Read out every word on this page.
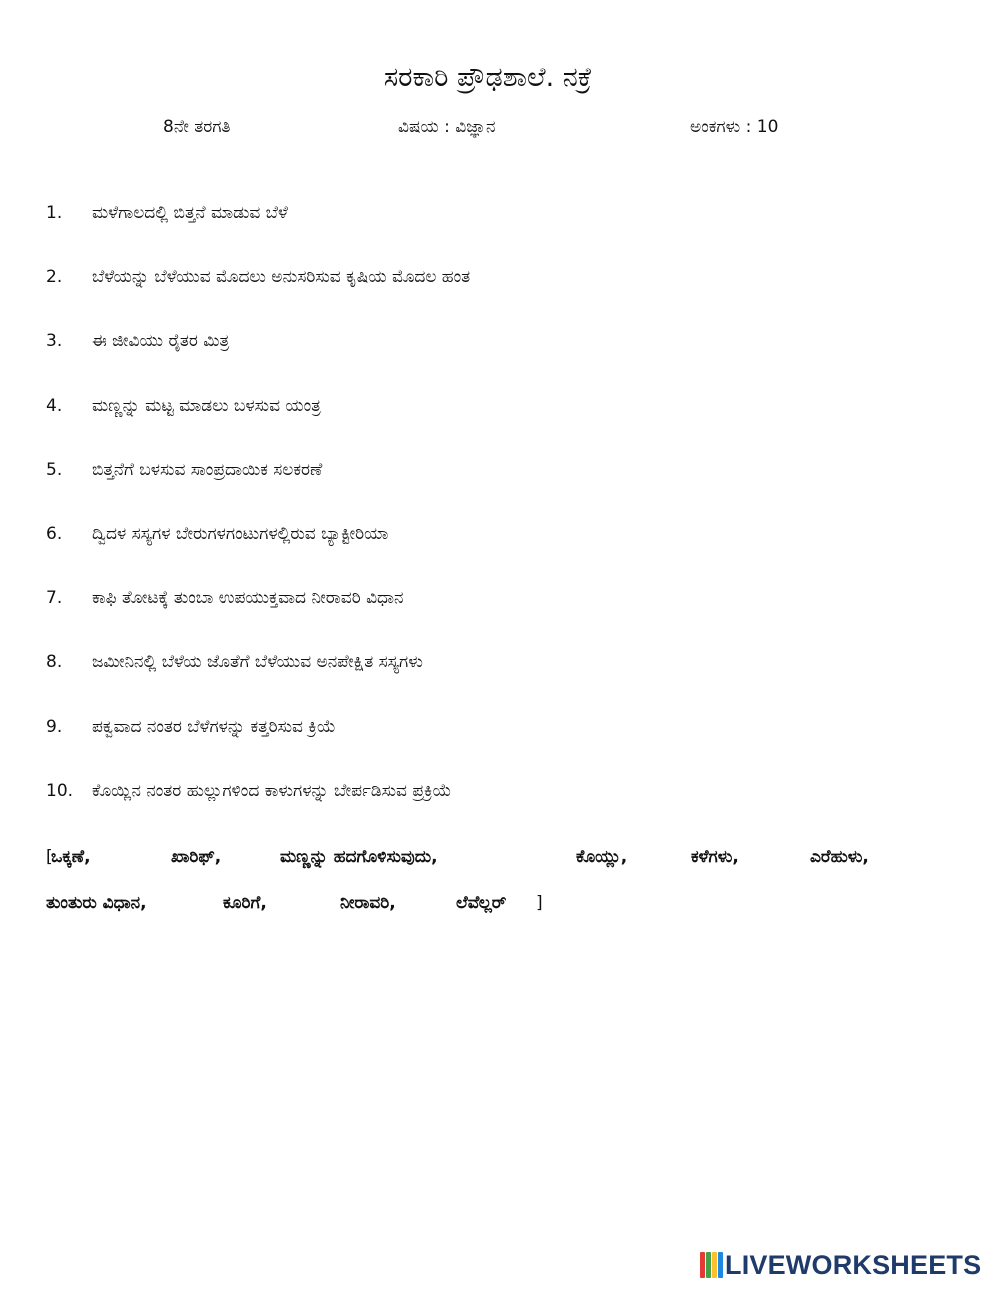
ಸರಕಾರಿ ಪ್ರೌಢಶಾಲೆ. ನಕ್ರೆ
8ನೇ ತರಗತಿ	ವಿಷಯ : ವಿಜ್ಞಾನ	ಅಂಕಗಳು : 10
1. ಮಳೆಗಾಲದಲ್ಲಿ ಬಿತ್ತನೆ ಮಾಡುವ ಬೆಳೆ
2. ಬೆಳೆಯನ್ನು ಬೆಳೆಯುವ ಮೊದಲು ಅನುಸರಿಸುವ ಕೃಷಿಯ ಮೊದಲ ಹಂತ
3. ಈ ಜೀವಿಯು ರೈತರ ಮಿತ್ರ
4. ಮಣ್ಣನ್ನು ಮಟ್ಟ ಮಾಡಲು ಬಳಸುವ ಯಂತ್ರ
5. ಬಿತ್ತನೆಗೆ ಬಳಸುವ ಸಾಂಪ್ರದಾಯಿಕ ಸಲಕರಣೆ
6. ದ್ವಿದಳ ಸಸ್ಯಗಳ ಬೇರುಗಳಗಂಟುಗಳಲ್ಲಿರುವ ಬ್ಯಾಕ್ಟೀರಿಯಾ
7. ಕಾಫಿ ತೋಟಕ್ಕೆ ತುಂಬಾ ಉಪಯುಕ್ತವಾದ ನೀರಾವರಿ ವಿಧಾನ
8. ಜಮೀನಿನಲ್ಲಿ ಬೆಳೆಯ ಜೊತೆಗೆ ಬೆಳೆಯುವ ಅನಪೇಕ್ಷಿತ ಸಸ್ಯಗಳು
9. ಪಕ್ವವಾದ ನಂತರ ಬೆಳೆಗಳನ್ನು ಕತ್ತರಿಸುವ ಕ್ರಿಯೆ
10. ಕೊಯ್ಲಿನ ನಂತರ ಹುಲ್ಲುಗಳಿಂದ ಕಾಳುಗಳನ್ನು ಬೇರ್ಪಡಿಸುವ ಪ್ರಕ್ರಿಯೆ
[
ಒಕ್ಕಣೆ,	ಖಾರಿಫ್,	ಮಣ್ಣನ್ನು ಹದಗೊಳಿಸುವುದು,	ಕೊಯ್ಲು,	ಕಳೆಗಳು,	ಎರೆಹುಳು,
ತುಂತುರು ವಿಧಾನ,	ಕೂರಿಗೆ,	ನೀರಾವರಿ,	ಲೆವೆಲ್ಲರ್ ]
LIVEWORKSHEETS
